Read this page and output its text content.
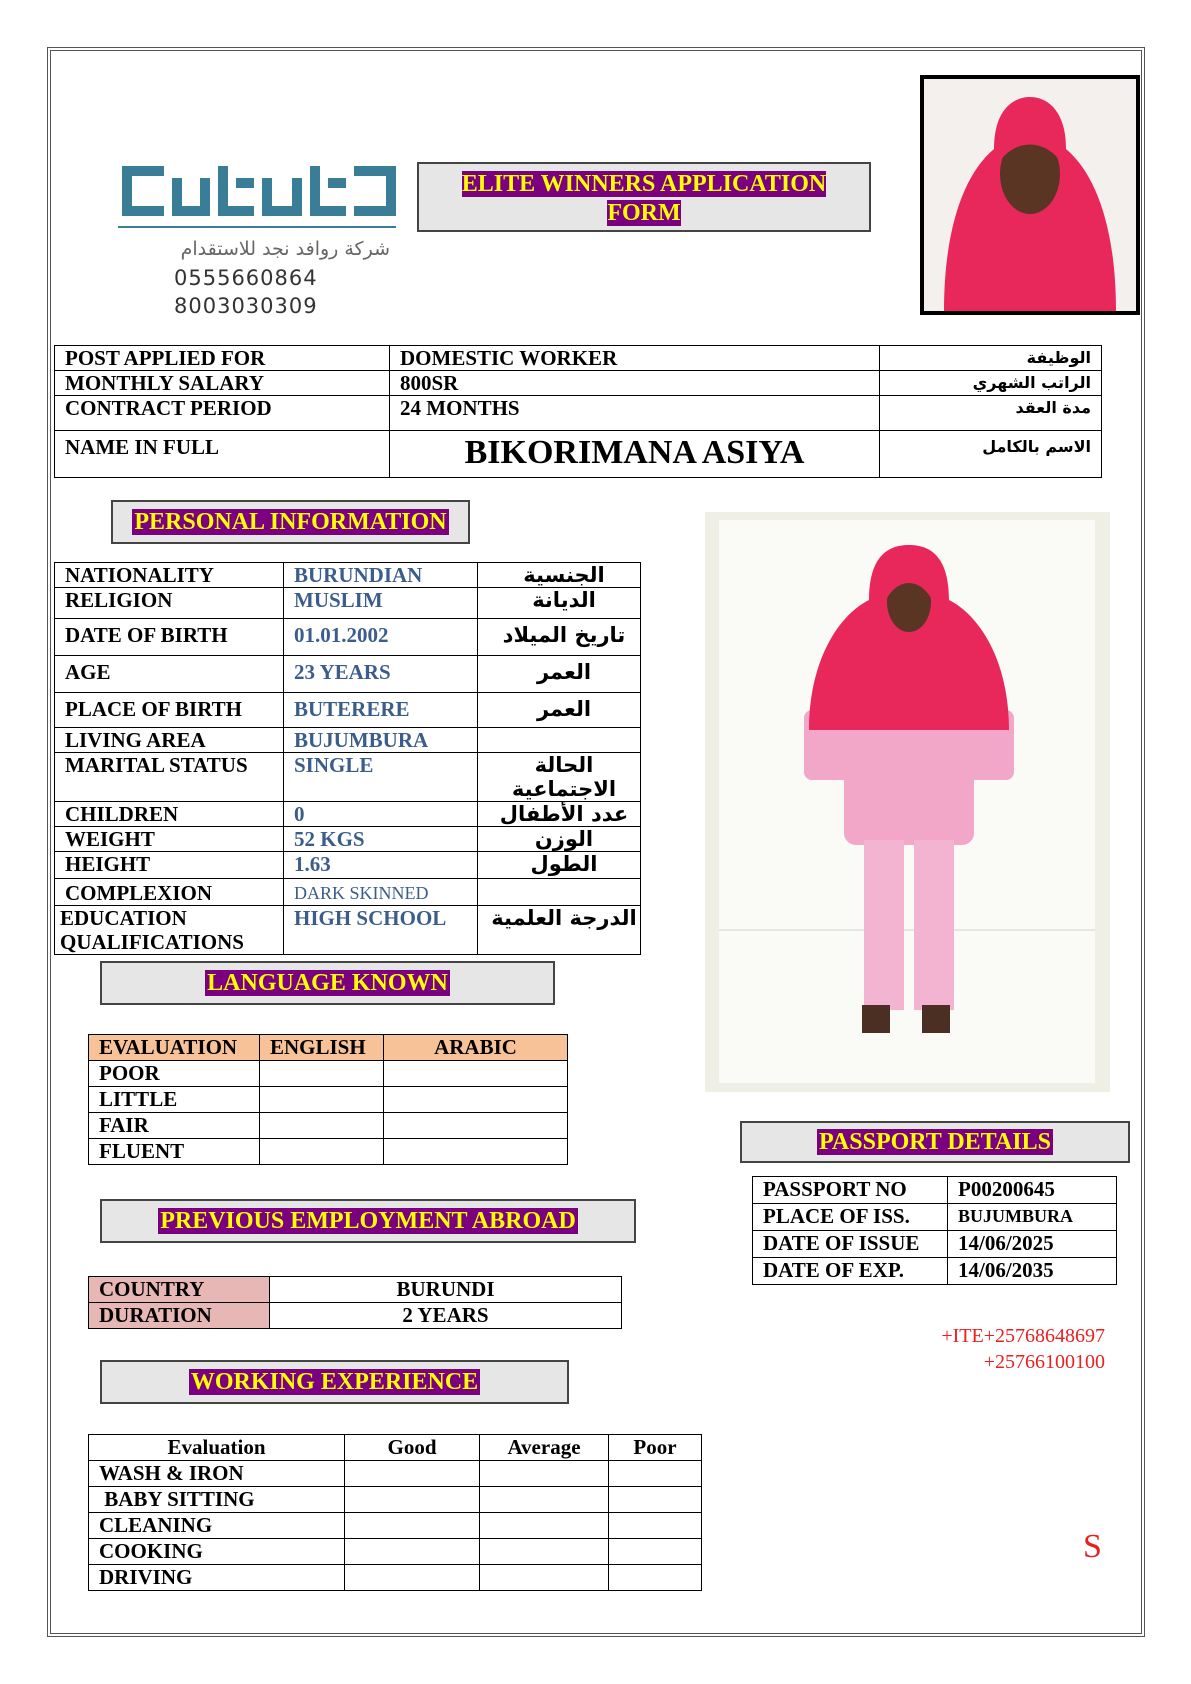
شركة روافد نجد للاستقدام
0555660864
8003030309
ELITE WINNERS APPLICATION
FORM
POST APPLIED FOR	DOMESTIC WORKER	الوظيفة
MONTHLY SALARY	800SR	الراتب الشهري
CONTRACT PERIOD	24 MONTHS	مدة العقد
NAME IN FULL	BIKORIMANA ASIYA	الاسم بالكامل
PERSONAL INFORMATION
NATIONALITY	BURUNDIAN	الجنسية
RELIGION	MUSLIM	الديانة
DATE OF BIRTH	01.01.2002	تاريخ الميلاد
AGE	23 YEARS	العمر
PLACE OF BIRTH	BUTERERE	العمر
LIVING AREA	BUJUMBURA	
MARITAL STATUS	SINGLE	الحالة الاجتماعية
CHILDREN	0	عدد الأطفال
WEIGHT	52 KGS	الوزن
HEIGHT	1.63	الطول
COMPLEXION	DARK SKINNED	
EDUCATION QUALIFICATIONS	HIGH SCHOOL	الدرجة العلمية
LANGUAGE KNOWN
EVALUATION	ENGLISH	ARABIC
POOR		
LITTLE		
FAIR		
FLUENT		
PREVIOUS EMPLOYMENT ABROAD
COUNTRY	BURUNDI
DURATION	2 YEARS
WORKING EXPERIENCE
Evaluation	Good	Average	Poor
WASH & IRON			
BABY SITTING			
CLEANING			
COOKING			
DRIVING			
PASSPORT DETAILS
PASSPORT NO	P00200645
PLACE OF ISS.	BUJUMBURA
DATE OF ISSUE	14/06/2025
DATE OF EXP.	14/06/2035
+ITE+25768648697
+25766100100
S
